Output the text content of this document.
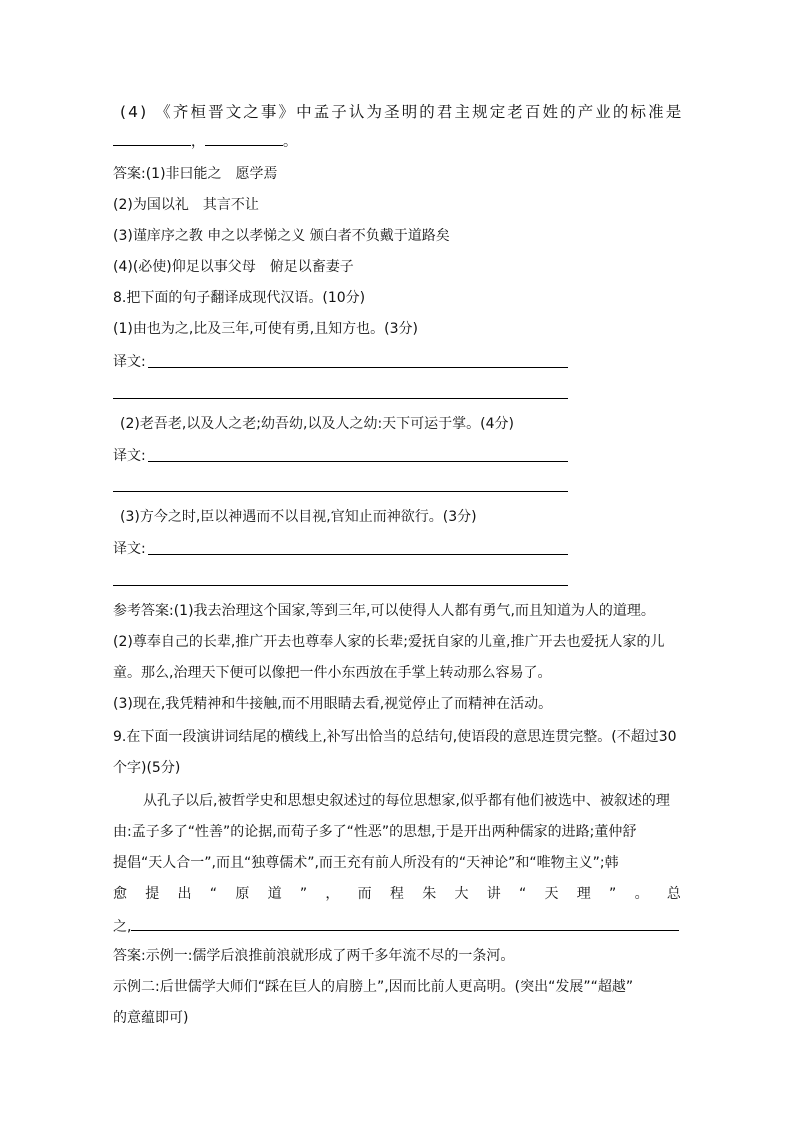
(4) 《齐桓晋文之事》中孟子认为圣明的君主规定老百姓的产业的标准是
，	。
答案:(1)非曰能之　愿学焉
(2)为国以礼　其言不让
(3)谨庠序之教 申之以孝悌之义 颁白者不负戴于道路矣
(4)(必使)仰足以事父母　俯足以畜妻子
8.把下面的句子翻译成现代汉语。(10分)
(1)由也为之,比及三年,可使有勇,且知方也。(3分)
译文:
(2)老吾老,以及人之老;幼吾幼,以及人之幼:天下可运于掌。(4分)
译文:
(3)方今之时,臣以神遇而不以目视,官知止而神欲行。(3分)
译文:
参考答案:(1)我去治理这个国家,等到三年,可以使得人人都有勇气,而且知道为人的道理。
(2)尊奉自己的长辈,推广开去也尊奉人家的长辈;爱抚自家的儿童,推广开去也爱抚人家的儿
童。那么,治理天下便可以像把一件小东西放在手掌上转动那么容易了。
(3)现在,我凭精神和牛接触,而不用眼睛去看,视觉停止了而精神在活动。
9.在下面一段演讲词结尾的横线上,补写出恰当的总结句,使语段的意思连贯完整。(不超过30
个字)(5分)
从孔子以后,被哲学史和思想史叙述过的每位思想家,似乎都有他们被选中、被叙述的理
由:孟子多了“性善”的论据,而荀子多了“性恶”的思想,于是开出两种儒家的进路;董仲舒
提倡“天人合一”,而且“独尊儒术”,而王充有前人所没有的“天神论”和“唯物主义”;韩
愈 提 出 “ 原 道 ” ， 而 程 朱 大 讲 “ 天 理 ” 。 总
之,
答案:示例一:儒学后浪推前浪就形成了两千多年流不尽的一条河。
示例二:后世儒学大师们“踩在巨人的肩膀上”,因而比前人更高明。(突出“发展”“超越”
的意蕴即可)
